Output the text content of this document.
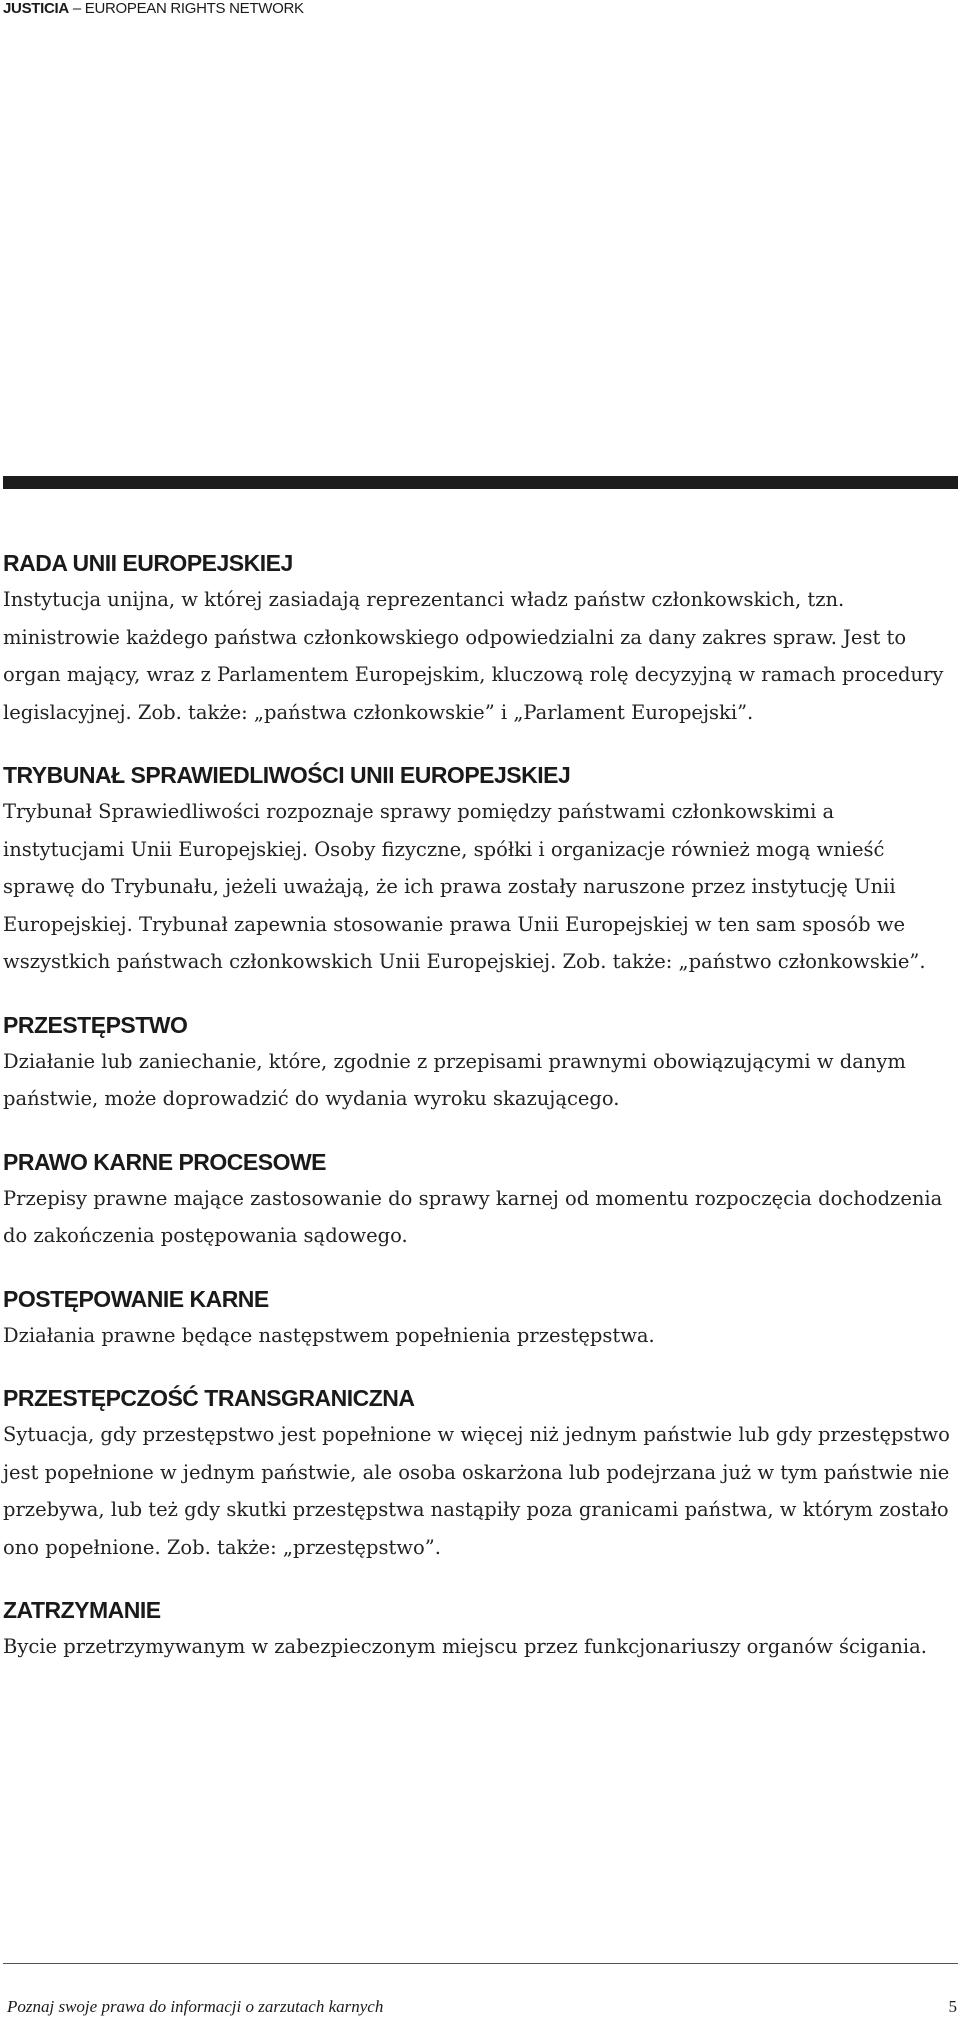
JUSTICIA – EUROPEAN RIGHTS NETWORK
RADA UNII EUROPEJSKIEJ

Instytucja unijna, w której zasiadają reprezentanci władz państw członkowskich, tzn. ministrowie każdego państwa członkowskiego odpowiedzialni za dany zakres spraw. Jest to organ mający, wraz z Parlamentem Europejskim, kluczową rolę decyzyjną w ramach procedury legislacyjnej. Zob. także: „państwa członkowskie” i „Parlament Europejski”.

TRYBUNAŁ SPRAWIEDLIWOŚCI UNII EUROPEJSKIEJ

Trybunał Sprawiedliwości rozpoznaje sprawy pomiędzy państwami członkowskimi a instytucjami Unii Europejskiej. Osoby fizyczne, spółki i organizacje również mogą wnieść sprawę do Trybunału, jeżeli uważają, że ich prawa zostały naruszone przez instytucję Unii Europejskiej. Trybunał zapewnia stosowanie prawa Unii Europejskiej w ten sam sposób we wszystkich państwach członkowskich Unii Europejskiej. Zob. także: „państwo członkowskie”.

PRZESTĘPSTWO

Działanie lub zaniechanie, które, zgodnie z przepisami prawnymi obowiązującymi w danym państwie, może doprowadzić do wydania wyroku skazującego.

PRAWO KARNE PROCESOWE

Przepisy prawne mające zastosowanie do sprawy karnej od momentu rozpoczęcia dochodzenia do zakończenia postępowania sądowego.

POSTĘPOWANIE KARNE

Działania prawne będące następstwem popełnienia przestępstwa.

PRZESTĘPCZOŚĆ TRANSGRANICZNA

Sytuacja, gdy przestępstwo jest popełnione w więcej niż jednym państwie lub gdy przestępstwo jest popełnione w jednym państwie, ale osoba oskarżona lub podejrzana już w tym państwie nie przebywa, lub też gdy skutki przestępstwa nastąpiły poza granicami państwa, w którym zostało ono popełnione. Zob. także: „przestępstwo”.

ZATRZYMANIE

Bycie przetrzymywanym w zabezpieczonym miejscu przez funkcjonariuszy organów ścigania.

Poznaj swoje prawa do informacji o zarzutach karnych	5
